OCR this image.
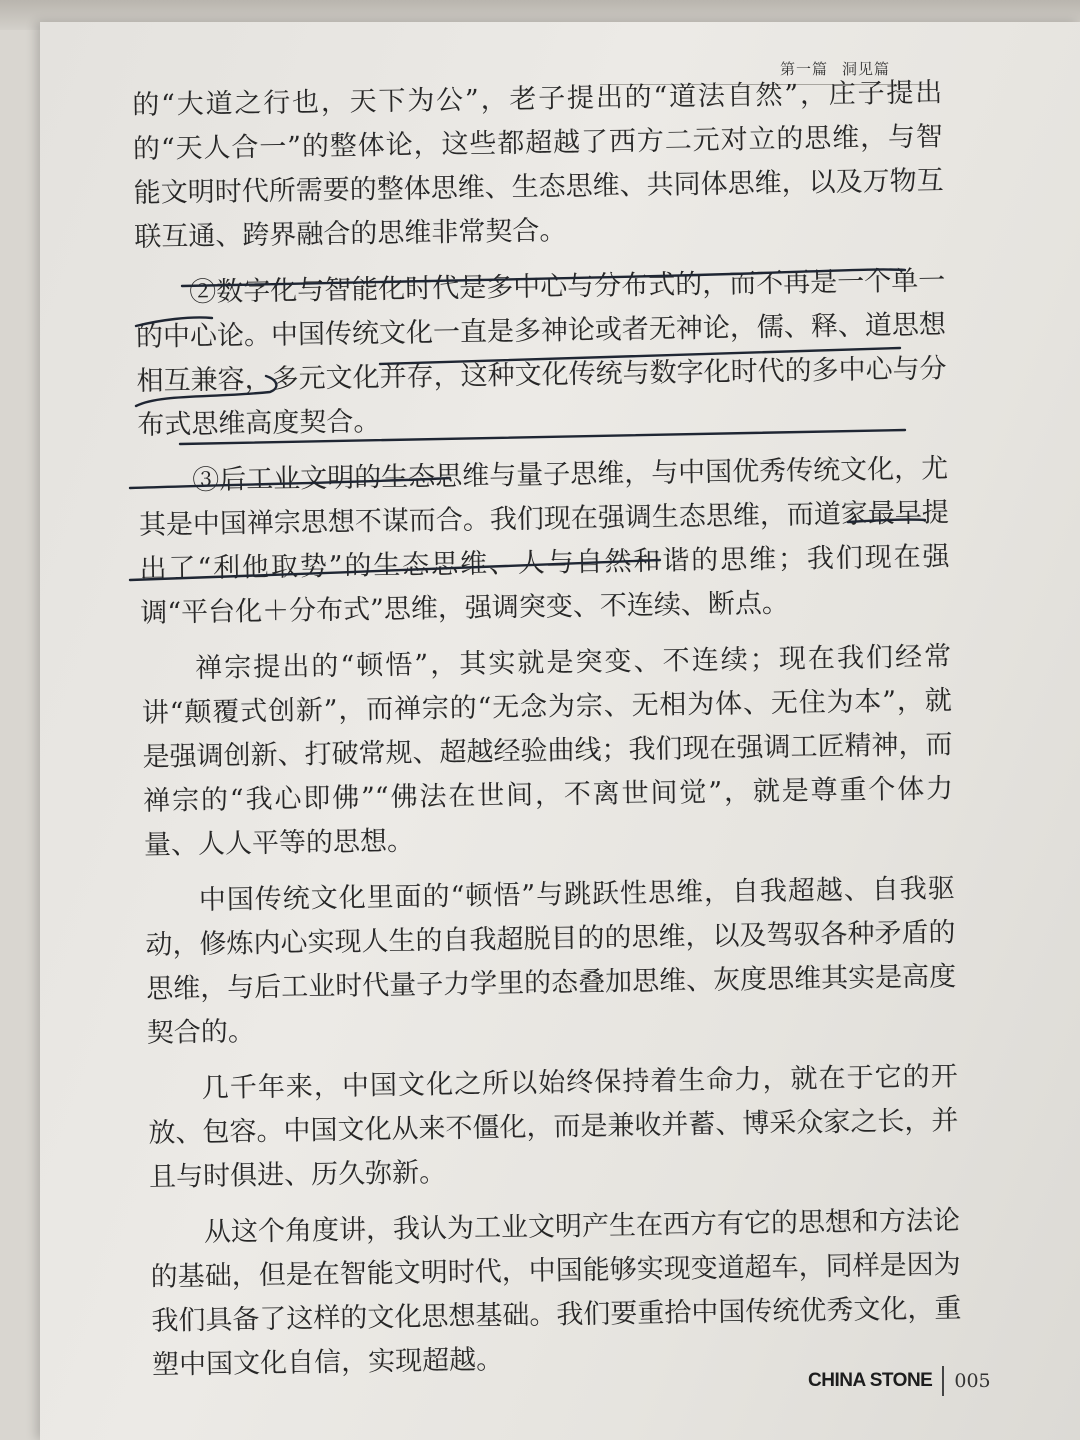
第一篇 洞见篇

的“大道之行也，天下为公”，老子提出的“道法自然”，庄子提出的“天人合一”的整体论，这些都超越了西方二元对立的思维，与智能文明时代所需要的整体思维、生态思维、共同体思维，以及万物互联互通、跨界融合的思维非常契合。

②数字化与智能化时代是多中心与分布式的，而不再是一个单一的中心论。中国传统文化一直是多神论或者无神论，儒、释、道思想相互兼容，多元文化并存，这种文化传统与数字化时代的多中心与分布式思维高度契合。

③后工业文明的生态思维与量子思维，与中国优秀传统文化，尤其是中国禅宗思想不谋而合。我们现在强调生态思维，而道家最早提出了“利他取势”的生态思维、人与自然和谐的思维；我们现在强调“平台化＋分布式”思维，强调突变、不连续、断点。

禅宗提出的“顿悟”，其实就是突变、不连续；现在我们经常讲“颠覆式创新”，而禅宗的“无念为宗、无相为体、无住为本”，就是强调创新、打破常规、超越经验曲线；我们现在强调工匠精神，而禅宗的“我心即佛”“佛法在世间，不离世间觉”，就是尊重个体力量、人人平等的思想。

中国传统文化里面的“顿悟”与跳跃性思维，自我超越、自我驱动，修炼内心实现人生的自我超脱目的的思维，以及驾驭各种矛盾的思维，与后工业时代量子力学里的态叠加思维、灰度思维其实是高度契合的。

几千年来，中国文化之所以始终保持着生命力，就在于它的开放、包容。中国文化从来不僵化，而是兼收并蓄、博采众家之长，并且与时俱进、历久弥新。

从这个角度讲，我认为工业文明产生在西方有它的思想和方法论的基础，但是在智能文明时代，中国能够实现变道超车，同样是因为我们具备了这样的文化思想基础。我们要重拾中国传统优秀文化，重塑中国文化自信，实现超越。	CHINA STONE 005
